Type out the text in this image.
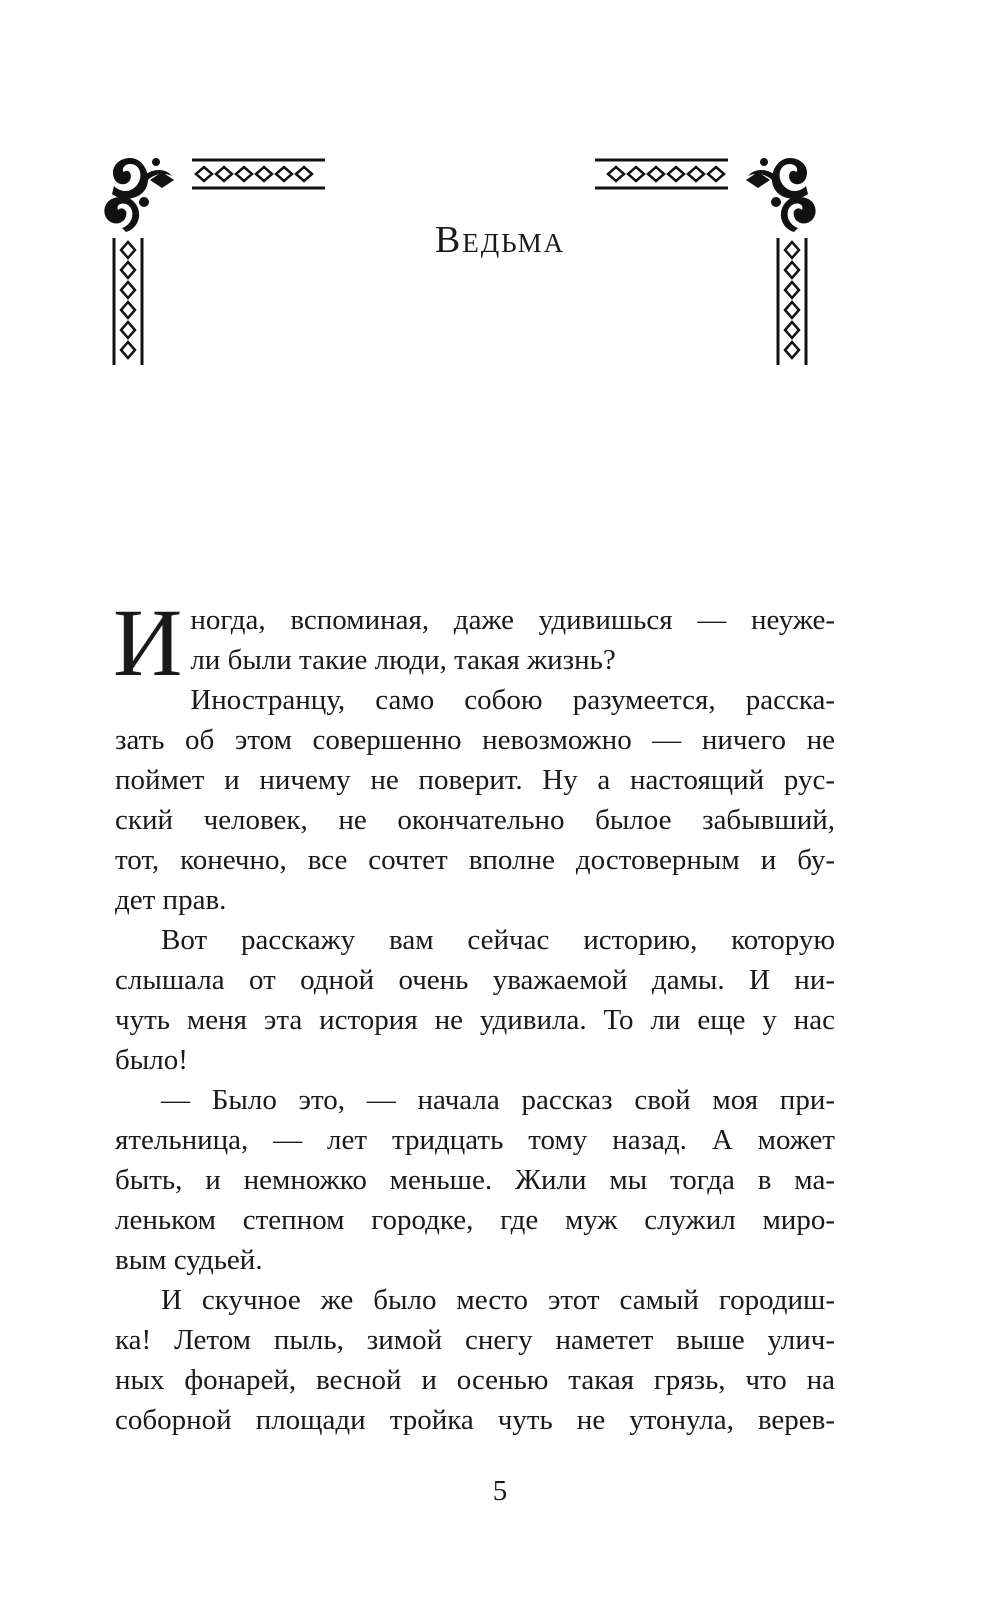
Ведьма
И ногда, вспоминая, даже удивишься — неуже-
ли были такие люди, такая жизнь?
Иностранцу, само собою разумеется, расска-
зать об этом совершенно невозможно — ничего не
поймет и ничему не поверит. Ну а настоящий рус-
ский человек, не окончательно былое забывший,
тот, конечно, все сочтет вполне достоверным и бу-
дет прав.
Вот расскажу вам сейчас историю, которую
слышала от одной очень уважаемой дамы. И ни-
чуть меня эта история не удивила. То ли еще у нас
было!
— Было это, — начала рассказ свой моя при-
ятельница, — лет тридцать тому назад. А может
быть, и немножко меньше. Жили мы тогда в ма-
леньком степном городке, где муж служил миро-
вым судьей.
И скучное же было место этот самый городиш-
ка! Летом пыль, зимой снегу наметет выше улич-
ных фонарей, весной и осенью такая грязь, что на
соборной площади тройка чуть не утонула, верев-
5
